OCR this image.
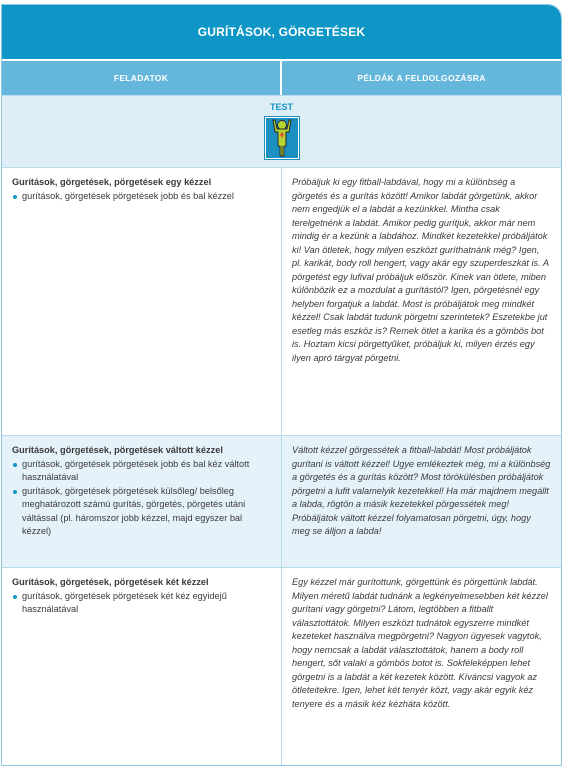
GURÍTÁSOK, GÖRGETÉSEK
FELADATOK	PÉLDÁK A FELDOLGOZÁSRA
TEST
Gurítások, görgetések, pörgetések egy kézzel
gurítások, görgetések pörgetések jobb és bal kézzel
Próbáljuk ki egy fitball-labdával, hogy mi a különbség a görgetés és a gurítás között! Amikor labdát görgetünk, akkor nem engedjük el a labdát a kezünkkel. Mintha csak terelgetnénk a labdát. Amikor pedig gurítjuk, akkor már nem mindig ér a kezünk a labdához. Mindkét kezetekkel próbáljátok ki! Van ötletek, hogy milyen eszközt guríthatnánk még? Igen, pl. karikát, body roll hengert, vagy akár egy szuperdeszkát is. A pörgetést egy lufival próbáljuk először. Kinek van ötlete, miben különbözik ez a mozdulat a gurítástól? Igen, pörgetésnél egy helyben forgatjuk a labdát. Most is próbáljátok meg mindkét kézzel! Csak labdát tudunk pörgetni szerintetek? Eszetekbe jut esetleg más eszköz is? Remek ötlet a karika és a gömbös bot is. Hoztam kicsi pörgettyűket, próbáljuk ki, milyen érzés egy ilyen apró tárgyat pörgetni.
Gurítások, görgetések, pörgetések váltott kézzel
gurítások, görgetések pörgetések jobb és bal kéz váltott használatával
gurítások, görgetések pörgetések külsőleg/ belsőleg meghatározott számú gurítás, görgetés, pörgetés utáni váltással (pl. háromszor jobb kézzel, majd egyszer bal kézzel)
Váltott kézzel görgessétek a fitball-labdát! Most próbáljátok gurítani is váltott kézzel! Ugye emlékeztek még, mi a különbség a görgetés és a gurítás között? Most törökülésben próbáljátok pörgetni a lufit valamelyik kezetekkel! Ha már majdnem megállt a labda, rögtön a másik kezetekkel pörgessétek meg! Próbáljátok váltott kézzel folyamatosan pörgetni, úgy, hogy meg se álljon a labda!
Gurítások, görgetések, pörgetések két kézzel
gurítások, görgetések pörgetések két kéz egyidejű használatával
Egy kézzel már gurítottunk, görgettünk és pörgettünk labdát. Milyen méretű labdát tudnánk a legkényelmesebben két kézzel gurítani vagy görgetni? Látom, legtöbben a fitballt választottátok. Milyen eszközt tudnátok egyszerre mindkét kezeteket használva megpörgetni? Nagyon ügyesek vagytok, hogy nemcsak a labdát választottátok, hanem a body roll hengert, sőt valaki a gömbös botot is. Sokféleképpen lehet görgetni is a labdát a két kezetek között. Kíváncsi vagyok az ötleteitekre. Igen, lehet két tenyér közt, vagy akár egyik kéz tenyere és a másik kéz kézháta között.
